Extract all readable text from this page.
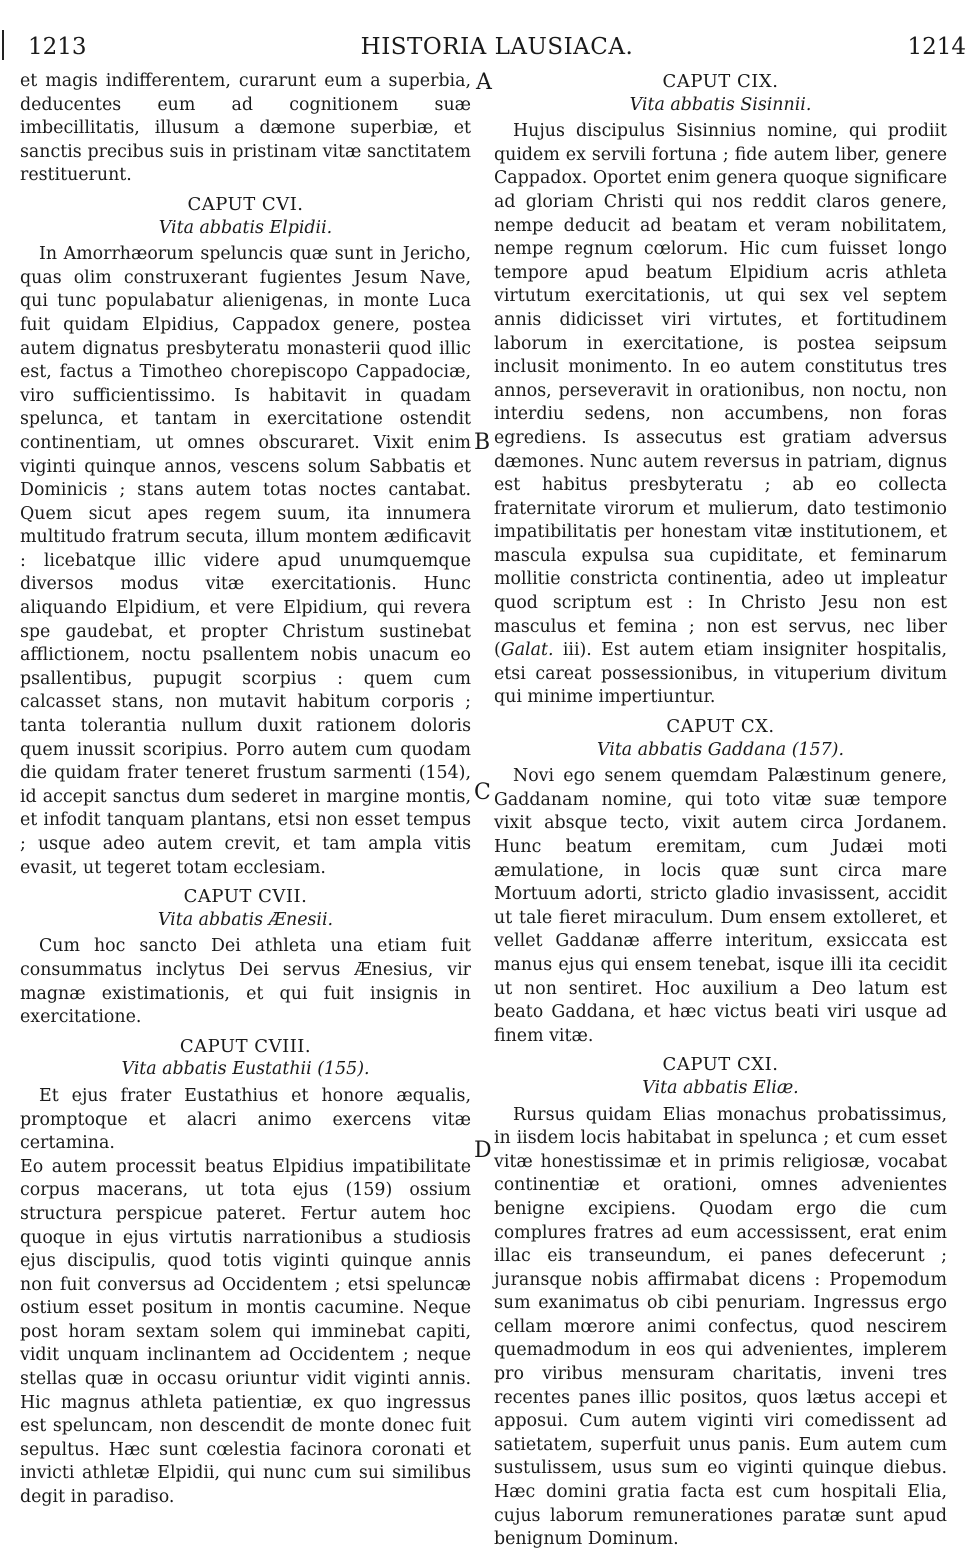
HISTORIA LAUSIACA.
1213	1214
A
B
C
D

et magis indifferentem, curarunt eum a superbia, deducentes eum ad cognitionem suæ imbecillitatis, illusum a dæmone superbiæ, et sanctis precibus suis in pristinam vitæ sanctitatem restituerunt.

CAPUT CVI.
Vita abbatis Elpidii.

In Amorrhæorum speluncis quæ sunt in Jericho, quas olim construxerant fugientes Jesum Nave, qui tunc populabatur alienigenas, in monte Luca fuit quidam Elpidius, Cappadox genere, postea autem dignatus presbyteratu monasterii quod illic est, factus a Timotheo chorepiscopo Cappadociæ, viro sufficientissimo. Is habitavit in quadam spelunca, et tantam in exercitatione ostendit continentiam, ut omnes obscuraret. Vixit enim viginti quinque annos, vescens solum Sabbatis et Dominicis ; stans autem totas noctes cantabat. Quem sicut apes regem suum, ita innumera multitudo fratrum secuta, illum montem ædificavit : licebatque illic videre apud unumquemque diversos modus vitæ exercitationis. Hunc aliquando Elpidium, et vere Elpidium, qui revera spe gaudebat, et propter Christum sustinebat afflictionem, noctu psallentem nobis unacum eo psallentibus, pupugit scorpius : quem cum calcasset stans, non mutavit habitum corporis ; tanta tolerantia nullum duxit rationem doloris quem inussit scoripius. Porro autem cum quodam die quidam frater teneret frustum sarmenti (154), id accepit sanctus dum sederet in margine montis, et infodit tanquam plantans, etsi non esset tempus ; usque adeo autem crevit, et tam ampla vitis evasit, ut tegeret totam ecclesiam.

CAPUT CVII.
Vita abbatis Ænesii.

Cum hoc sancto Dei athleta una etiam fuit consummatus inclytus Dei servus Ænesius, vir magnæ existimationis, et qui fuit insignis in exercitatione.

CAPUT CVIII.
Vita abbatis Eustathii (155).

Et ejus frater Eustathius et honore æqualis, promptoque et alacri animo exercens vitæ certamina.

Eo autem processit beatus Elpidius impatibilitate corpus macerans, ut tota ejus (159) ossium structura perspicue pateret. Fertur autem hoc quoque in ejus virtutis narrationibus a studiosis ejus discipulis, quod totis viginti quinque annis non fuit conversus ad Occidentem ; etsi speluncæ ostium esset positum in montis cacumine. Neque post horam sextam solem qui imminebat capiti, vidit unquam inclinantem ad Occidentem ; neque stellas quæ in occasu oriuntur vidit viginti annis. Hic magnus athleta patientiæ, ex quo ingressus est speluncam, non descendit de monte donec fuit sepultus. Hæc sunt cœlestia facinora coronati et invicti athletæ Elpidii, qui nunc cum sui similibus degit in paradiso.

CAPUT CIX.
Vita abbatis Sisinnii.

Hujus discipulus Sisinnius nomine, qui prodiit quidem ex servili fortuna ; fide autem liber, genere Cappadox. Oportet enim genera quoque significare ad gloriam Christi qui nos reddit claros genere, nempe deducit ad beatam et veram nobilitatem, nempe regnum cœlorum. Hic cum fuisset longo tempore apud beatum Elpidium acris athleta virtutum exercitationis, ut qui sex vel septem annis didicisset viri virtutes, et fortitudinem laborum in exercitatione, is postea seipsum inclusit monimento. In eo autem constitutus tres annos, perseveravit in orationibus, non noctu, non interdiu sedens, non accumbens, non foras egrediens. Is assecutus est gratiam adversus dæmones. Nunc autem reversus in patriam, dignus est habitus presbyteratu ; ab eo collecta fraternitate virorum et mulierum, dato testimonio impatibilitatis per honestam vitæ institutionem, et mascula expulsa sua cupiditate, et feminarum mollitie constricta continentia, adeo ut impleatur quod scriptum est : In Christo Jesu non est masculus et femina ; non est servus, nec liber (Galat. iii). Est autem etiam insigniter hospitalis, etsi careat possessionibus, in vituperium divitum qui minime impertiuntur.

CAPUT CX.
Vita abbatis Gaddana (157).

Novi ego senem quemdam Palæstinum genere, Gaddanam nomine, qui toto vitæ suæ tempore vixit absque tecto, vixit autem circa Jordanem. Hunc beatum eremitam, cum Judæi moti æmulatione, in locis quæ sunt circa mare Mortuum adorti, stricto gladio invasissent, accidit ut tale fieret miraculum. Dum ensem extolleret, et vellet Gaddanæ afferre interitum, exsiccata est manus ejus qui ensem tenebat, isque illi ita cecidit ut non sentiret. Hoc auxilium a Deo latum est beato Gaddana, et hæc victus beati viri usque ad finem vitæ.

CAPUT CXI.
Vita abbatis Eliæ.

Rursus quidam Elias monachus probatissimus, in iisdem locis habitabat in spelunca ; et cum esset vitæ honestissimæ et in primis religiosæ, vocabat continentiæ et orationi, omnes advenientes benigne excipiens. Quodam ergo die cum complures fratres ad eum accessissent, erat enim illac eis transeundum, ei panes defecerunt ; juransque nobis affirmabat dicens : Propemodum sum exanimatus ob cibi penuriam. Ingressus ergo cellam mœrore animi confectus, quod nescirem quemadmodum in eos qui advenientes, implerem pro viribus mensuram charitatis, inveni tres recentes panes illic positos, quos lætus accepi et apposui. Cum autem viginti viri comedissent ad satietatem, superfuit unus panis. Eum autem cum sustulissem, usus sum eo viginti quinque diebus. Hæc domini gratia facta est cum hospitali Elia, cujus laborum remunerationes paratæ sunt apud benignum Dominum.
